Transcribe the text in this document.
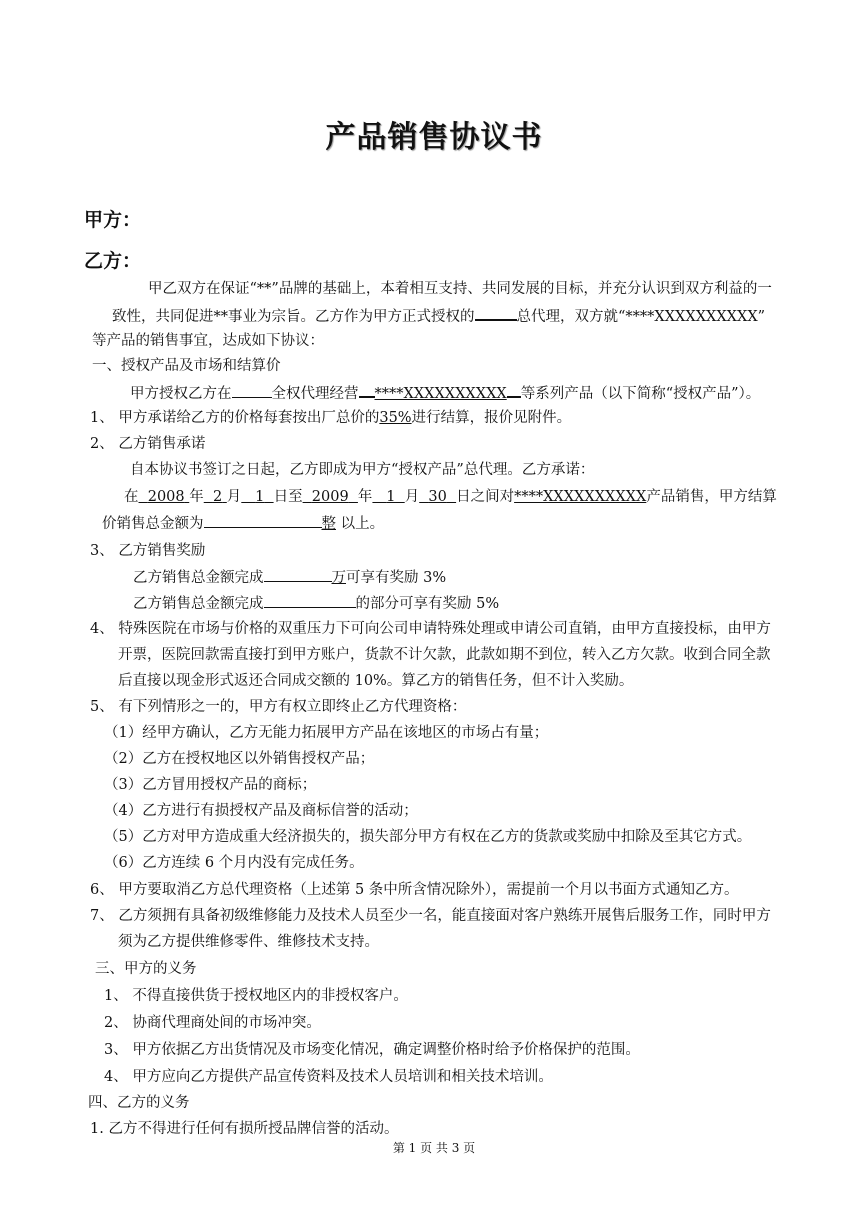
产品销售协议书
甲方：
乙方：
甲乙双方在保证“**”品牌的基础上，本着相互支持、共同发展的目标，并充分认识到双方利益的一
致性，共同促进**事业为宗旨。乙方作为甲方正式授权的	总代理，双方就“****XXXXXXXXXX”
等产品的销售事宜，达成如下协议：
一、授权产品及市场和结算价
甲方授权乙方在	全权代理经营 ****XXXXXXXXXX 等系列产品（以下简称“授权产品”）。
1、 甲方承诺给乙方的价格每套按出厂总价的35%进行结算，报价见附件。
2、 乙方销售承诺
自本协议书签订之日起，乙方即成为甲方“授权产品”总代理。乙方承诺：
在 2008 年 2 月 1 日至 2009 年 1 月 30 日之间对****XXXXXXXXXX产品销售，甲方结算
价销售总金额为	整 以上。
3、 乙方销售奖励
乙方销售总金额完成	万可享有奖励 3%
乙方销售总金额完成	的部分可享有奖励 5%
4、 特殊医院在市场与价格的双重压力下可向公司申请特殊处理或申请公司直销，由甲方直接投标，由甲方
开票，医院回款需直接打到甲方账户，货款不计欠款，此款如期不到位，转入乙方欠款。收到合同全款
后直接以现金形式返还合同成交额的 10%。算乙方的销售任务，但不计入奖励。
5、 有下列情形之一的，甲方有权立即终止乙方代理资格：
（1）经甲方确认，乙方无能力拓展甲方产品在该地区的市场占有量；
（2）乙方在授权地区以外销售授权产品；
（3）乙方冒用授权产品的商标；
（4）乙方进行有损授权产品及商标信誉的活动；
（5）乙方对甲方造成重大经济损失的，损失部分甲方有权在乙方的货款或奖励中扣除及至其它方式。
（6）乙方连续 6 个月内没有完成任务。
6、 甲方要取消乙方总代理资格（上述第 5 条中所含情况除外），需提前一个月以书面方式通知乙方。
7、 乙方须拥有具备初级维修能力及技术人员至少一名，能直接面对客户熟练开展售后服务工作，同时甲方
须为乙方提供维修零件、维修技术支持。
三、甲方的义务
1、 不得直接供货于授权地区内的非授权客户。
2、 协商代理商处间的市场冲突。
3、 甲方依据乙方出货情况及市场变化情况，确定调整价格时给予价格保护的范围。
4、 甲方应向乙方提供产品宣传资料及技术人员培训和相关技术培训。
四、乙方的义务
1. 乙方不得进行任何有损所授品牌信誉的活动。
第 1 页 共 3 页
